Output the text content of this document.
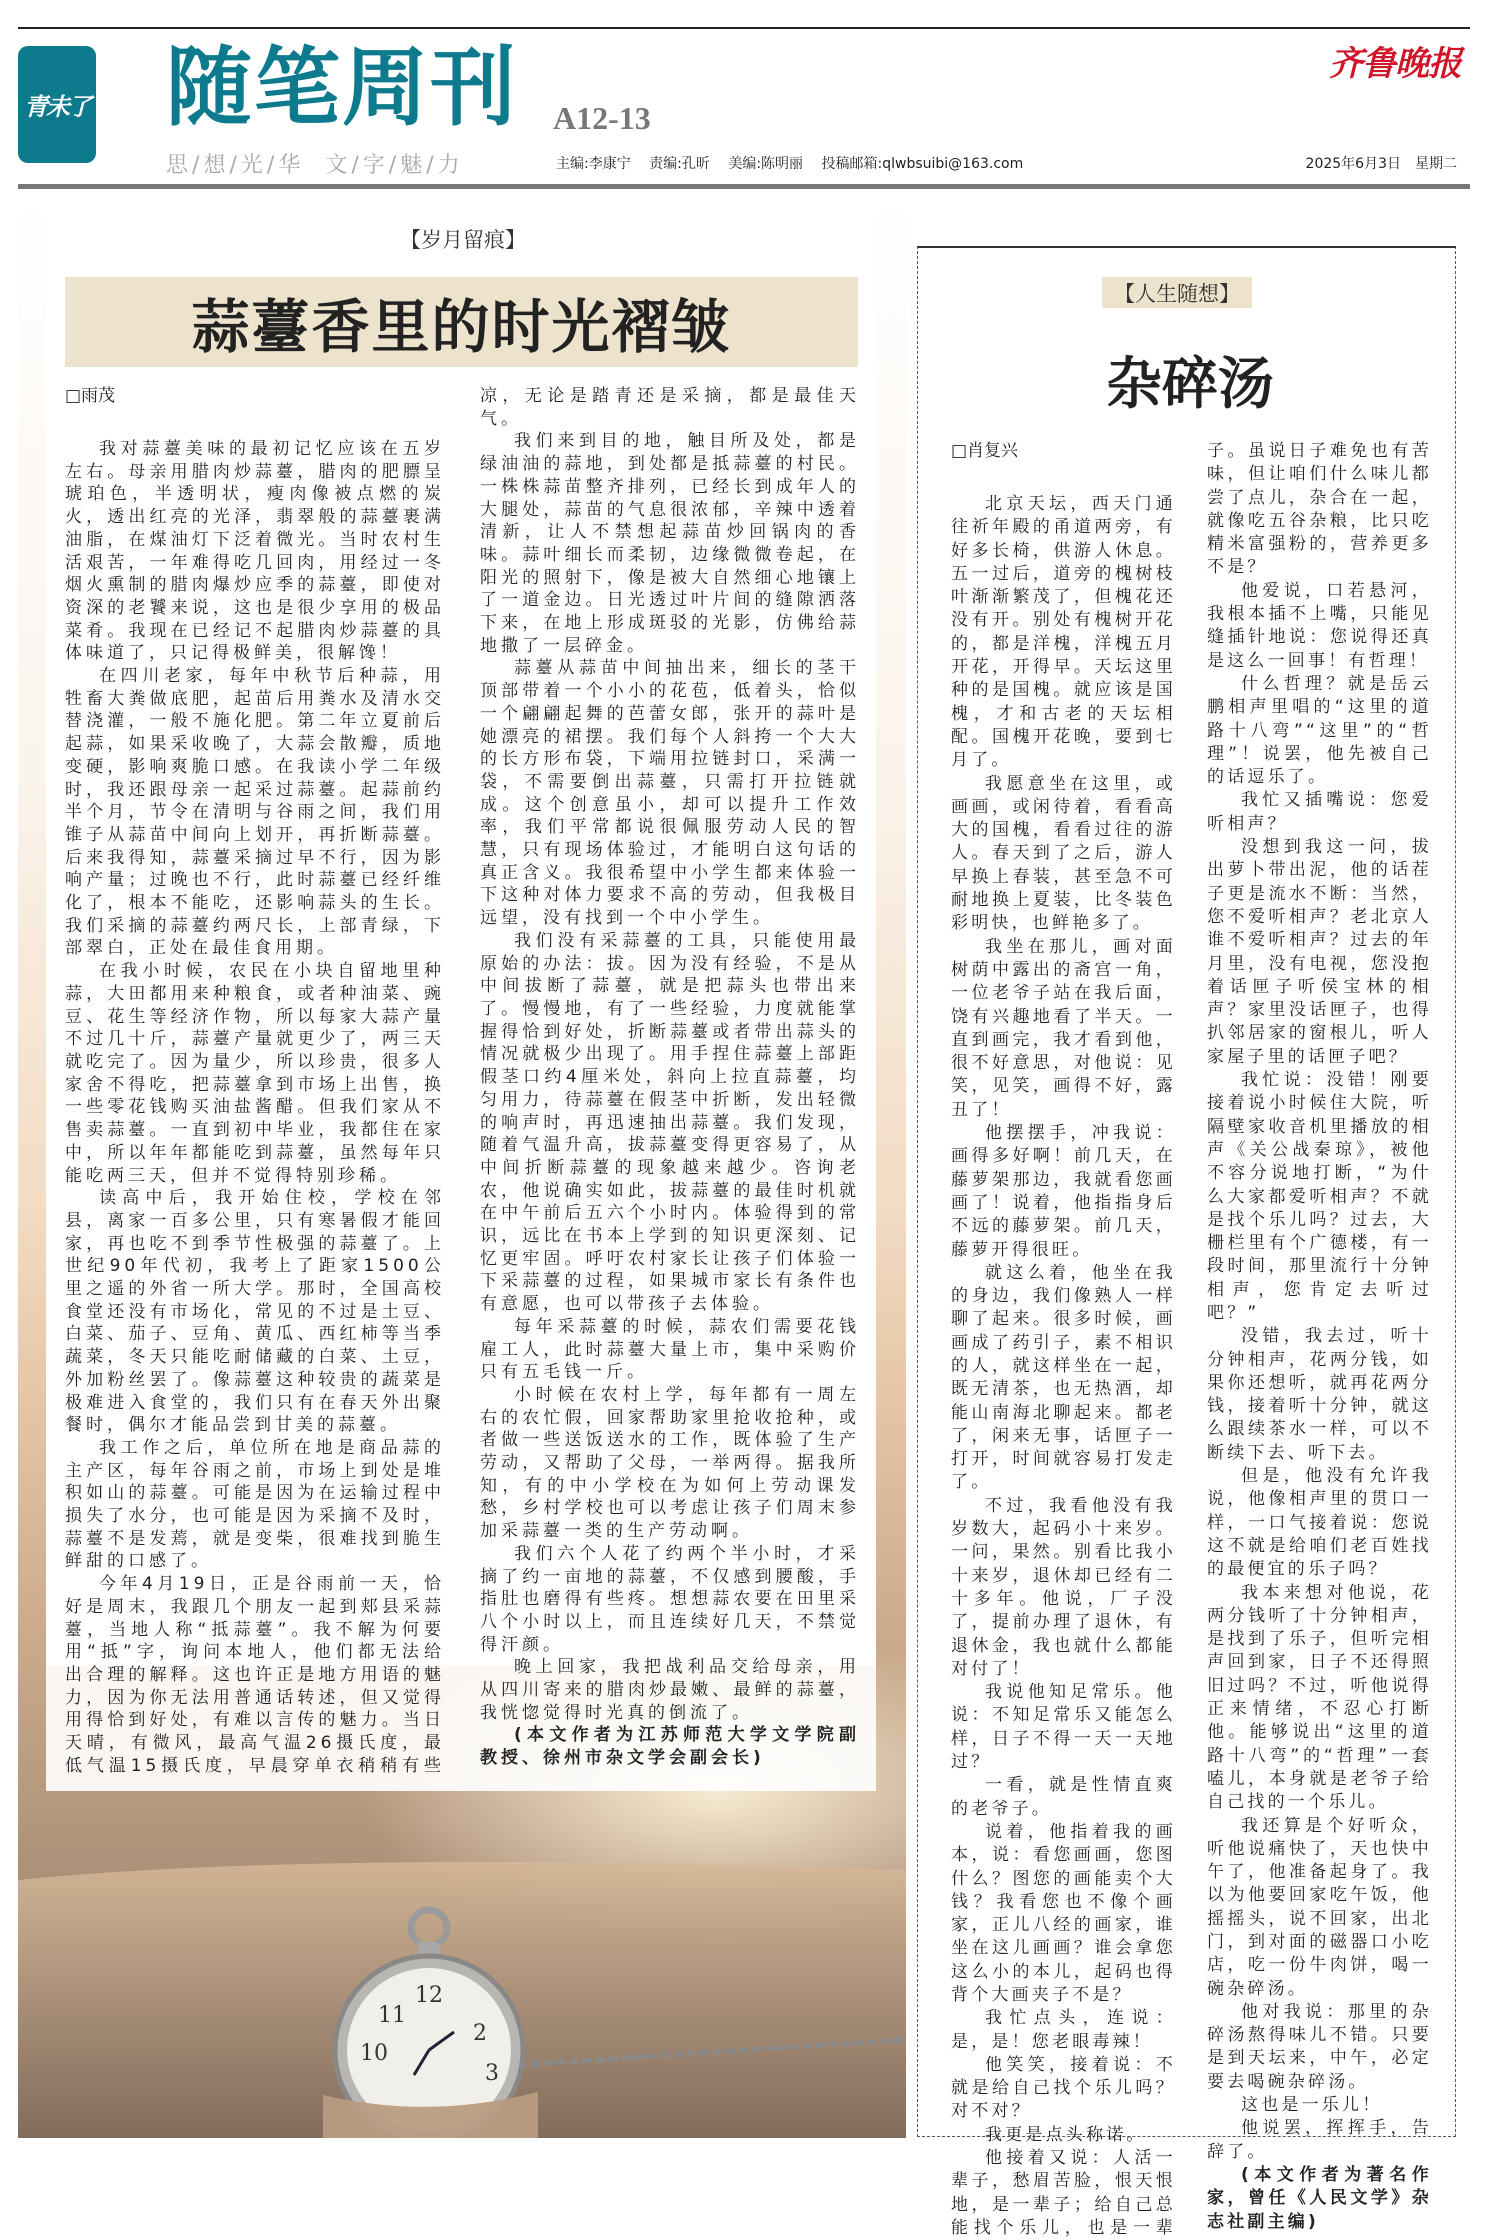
青未了 随笔周刊 A12-13
思 / 想 / 光 / 华 文 / 字 / 魅 / 力	主编:李康宁 责编:孔昕 美编:陈明丽 投稿邮箱:qlwbsuibi@163.com	2025年6月3日 星期二
齐鲁晚报
10
11
12
2
3
【岁月留痕】
蒜薹香里的时光褶皱
□雨茂

我对蒜薹美味的最初记忆应该在五岁左右。母亲用腊肉炒蒜薹，腊肉的肥膘呈琥珀色，半透明状，瘦肉像被点燃的炭火，透出红亮的光泽，翡翠般的蒜薹裹满油脂，在煤油灯下泛着微光。当时农村生活艰苦，一年难得吃几回肉，用经过一冬烟火熏制的腊肉爆炒应季的蒜薹，即使对资深的老饕来说，这也是很少享用的极品菜肴。我现在已经记不起腊肉炒蒜薹的具体味道了，只记得极鲜美，很解馋！

在四川老家，每年中秋节后种蒜，用牲畜大粪做底肥，起苗后用粪水及清水交替浇灌，一般不施化肥。第二年立夏前后起蒜，如果采收晚了，大蒜会散瓣，质地变硬，影响爽脆口感。在我读小学二年级时，我还跟母亲一起采过蒜薹。起蒜前约半个月，节令在清明与谷雨之间，我们用锥子从蒜苗中间向上划开，再折断蒜薹。后来我得知，蒜薹采摘过早不行，因为影响产量；过晚也不行，此时蒜薹已经纤维化了，根本不能吃，还影响蒜头的生长。我们采摘的蒜薹约两尺长，上部青绿，下部翠白，正处在最佳食用期。

在我小时候，农民在小块自留地里种蒜，大田都用来种粮食，或者种油菜、豌豆、花生等经济作物，所以每家大蒜产量不过几十斤，蒜薹产量就更少了，两三天就吃完了。因为量少，所以珍贵，很多人家舍不得吃，把蒜薹拿到市场上出售，换一些零花钱购买油盐酱醋。但我们家从不售卖蒜薹。一直到初中毕业，我都住在家中，所以年年都能吃到蒜薹，虽然每年只能吃两三天，但并不觉得特别珍稀。

读高中后，我开始住校，学校在邻县，离家一百多公里，只有寒暑假才能回家，再也吃不到季节性极强的蒜薹了。上世纪90年代初，我考上了距家1500公里之遥的外省一所大学。那时，全国高校食堂还没有市场化，常见的不过是土豆、白菜、茄子、豆角、黄瓜、西红柿等当季蔬菜，冬天只能吃耐储藏的白菜、土豆，外加粉丝罢了。像蒜薹这种较贵的蔬菜是极难进入食堂的，我们只有在春天外出聚餐时，偶尔才能品尝到甘美的蒜薹。

我工作之后，单位所在地是商品蒜的主产区，每年谷雨之前，市场上到处是堆积如山的蒜薹。可能是因为在运输过程中损失了水分，也可能是因为采摘不及时，蒜薹不是发蔫，就是变柴，很难找到脆生鲜甜的口感了。

今年4月19日，正是谷雨前一天，恰好是周末，我跟几个朋友一起到郏县采蒜薹，当地人称“抵蒜薹”。我不解为何要用“抵”字，询问本地人，他们都无法给出合理的解释。这也许正是地方用语的魅力，因为你无法用普通话转述，但又觉得用得恰到好处，有难以言传的魅力。当日天晴，有微风，最高气温26摄氏度，最低气温15摄氏度，早晨穿单衣稍稍有些凉，无论是踏青还是采摘，都是最佳天气。

我们来到目的地，触目所及处，都是绿油油的蒜地，到处都是抵蒜薹的村民。一株株蒜苗整齐排列，已经长到成年人的大腿处，蒜苗的气息很浓郁，辛辣中透着清新，让人不禁想起蒜苗炒回锅肉的香味。蒜叶细长而柔韧，边缘微微卷起，在阳光的照射下，像是被大自然细心地镶上了一道金边。日光透过叶片间的缝隙洒落下来，在地上形成斑驳的光影，仿佛给蒜地撒了一层碎金。

蒜薹从蒜苗中间抽出来，细长的茎干顶部带着一个小小的花苞，低着头，恰似一个翩翩起舞的芭蕾女郎，张开的蒜叶是她漂亮的裙摆。我们每个人斜挎一个大大的长方形布袋，下端用拉链封口，采满一袋，不需要倒出蒜薹，只需打开拉链就成。这个创意虽小，却可以提升工作效率，我们平常都说很佩服劳动人民的智慧，只有现场体验过，才能明白这句话的真正含义。我很希望中小学生都来体验一下这种对体力要求不高的劳动，但我极目远望，没有找到一个中小学生。

我们没有采蒜薹的工具，只能使用最原始的办法：拔。因为没有经验，不是从中间拔断了蒜薹，就是把蒜头也带出来了。慢慢地，有了一些经验，力度就能掌握得恰到好处，折断蒜薹或者带出蒜头的情况就极少出现了。用手捏住蒜薹上部距假茎口约4厘米处，斜向上拉直蒜薹，均匀用力，待蒜薹在假茎中折断，发出轻微的响声时，再迅速抽出蒜薹。我们发现，随着气温升高，拔蒜薹变得更容易了，从中间折断蒜薹的现象越来越少。咨询老农，他说确实如此，拔蒜薹的最佳时机就在中午前后五六个小时内。体验得到的常识，远比在书本上学到的知识更深刻、记忆更牢固。呼吁农村家长让孩子们体验一下采蒜薹的过程，如果城市家长有条件也有意愿，也可以带孩子去体验。

每年采蒜薹的时候，蒜农们需要花钱雇工人，此时蒜薹大量上市，集中采购价只有五毛钱一斤。

小时候在农村上学，每年都有一周左右的农忙假，回家帮助家里抢收抢种，或者做一些送饭送水的工作，既体验了生产劳动，又帮助了父母，一举两得。据我所知，有的中小学校在为如何上劳动课发愁，乡村学校也可以考虑让孩子们周末参加采蒜薹一类的生产劳动啊。

我们六个人花了约两个半小时，才采摘了约一亩地的蒜薹，不仅感到腰酸，手指肚也磨得有些疼。想想蒜农要在田里采八个小时以上，而且连续好几天，不禁觉得汗颜。

晚上回家，我把战利品交给母亲，用从四川寄来的腊肉炒最嫩、最鲜的蒜薹，我恍惚觉得时光真的倒流了。

(本文作者为江苏师范大学文学院副教授、徐州市杂文学会副会长)

【人生随想】
杂碎汤
□肖复兴

北京天坛，西天门通往祈年殿的甬道两旁，有好多长椅，供游人休息。五一过后，道旁的槐树枝叶渐渐繁茂了，但槐花还没有开。别处有槐树开花的，都是洋槐，洋槐五月开花，开得早。天坛这里种的是国槐。就应该是国槐，才和古老的天坛相配。国槐开花晚，要到七月了。

我愿意坐在这里，或画画，或闲待着，看看高大的国槐，看看过往的游人。春天到了之后，游人早换上春装，甚至急不可耐地换上夏装，比冬装色彩明快，也鲜艳多了。

我坐在那儿，画对面树荫中露出的斋宫一角，一位老爷子站在我后面，饶有兴趣地看了半天。一直到画完，我才看到他，很不好意思，对他说：见笑，见笑，画得不好，露丑了！

他摆摆手，冲我说：画得多好啊！前几天，在藤萝架那边，我就看您画画了！说着，他指指身后不远的藤萝架。前几天，藤萝开得很旺。

就这么着，他坐在我的身边，我们像熟人一样聊了起来。很多时候，画画成了药引子，素不相识的人，就这样坐在一起，既无清茶，也无热酒，却能山南海北聊起来。都老了，闲来无事，话匣子一打开，时间就容易打发走了。

不过，我看他没有我岁数大，起码小十来岁。一问，果然。别看比我小十来岁，退休却已经有二十多年。他说，厂子没了，提前办理了退休，有退休金，我也就什么都能对付了！

我说他知足常乐。他说：不知足常乐又能怎么样，日子不得一天一天地过？

一看，就是性情直爽的老爷子。

说着，他指着我的画本，说：看您画画，您图什么？图您的画能卖个大钱？我看您也不像个画家，正儿八经的画家，谁坐在这儿画画？谁会拿您这么小的本儿，起码也得背个大画夹子不是？

我忙点头，连说：是，是！您老眼毒辣！

他笑笑，接着说：不就是给自己找个乐儿吗？对不对？

我更是点头称诺。

他接着又说：人活一辈子，愁眉苦脸，恨天恨地，是一辈子；给自己总能找个乐儿，也是一辈子。虽说日子难免也有苦味，但让咱们什么味儿都尝了点儿，杂合在一起，就像吃五谷杂粮，比只吃精米富强粉的，营养更多不是？

他爱说，口若悬河，我根本插不上嘴，只能见缝插针地说：您说得还真是这么一回事！有哲理！

什么哲理？就是岳云鹏相声里唱的“这里的道路十八弯”“这里”的“哲理”！说罢，他先被自己的话逗乐了。

我忙又插嘴说：您爱听相声？

没想到我这一问，拔出萝卜带出泥，他的话茬子更是流水不断：当然，您不爱听相声？老北京人谁不爱听相声？过去的年月里，没有电视，您没抱着话匣子听侯宝林的相声？家里没话匣子，也得扒邻居家的窗根儿，听人家屋子里的话匣子吧？

我忙说：没错！刚要接着说小时候住大院，听隔壁家收音机里播放的相声《关公战秦琼》，被他不容分说地打断，“为什么大家都爱听相声？不就是找个乐儿吗？过去，大栅栏里有个广德楼，有一段时间，那里流行十分钟相声，您肯定去听过吧？”

没错，我去过，听十分钟相声，花两分钱，如果你还想听，就再花两分钱，接着听十分钟，就这么跟续茶水一样，可以不断续下去、听下去。

但是，他没有允许我说，他像相声里的贯口一样，一口气接着说：您说这不就是给咱们老百姓找的最便宜的乐子吗？

我本来想对他说，花两分钱听了十分钟相声，是找到了乐子，但听完相声回到家，日子不还得照旧过吗？不过，听他说得正来情绪，不忍心打断他。能够说出“这里的道路十八弯”的“哲理”一套嗑儿，本身就是老爷子给自己找的一个乐儿。

我还算是个好听众，听他说痛快了，天也快中午了，他准备起身了。我以为他要回家吃午饭，他摇摇头，说不回家，出北门，到对面的磁器口小吃店，吃一份牛肉饼，喝一碗杂碎汤。

他对我说：那里的杂碎汤熬得味儿不错。只要是到天坛来，中午，必定要去喝碗杂碎汤。

这也是一乐儿！

他说罢，挥挥手，告辞了。

(本文作者为著名作家，曾任《人民文学》杂志社副主编)
